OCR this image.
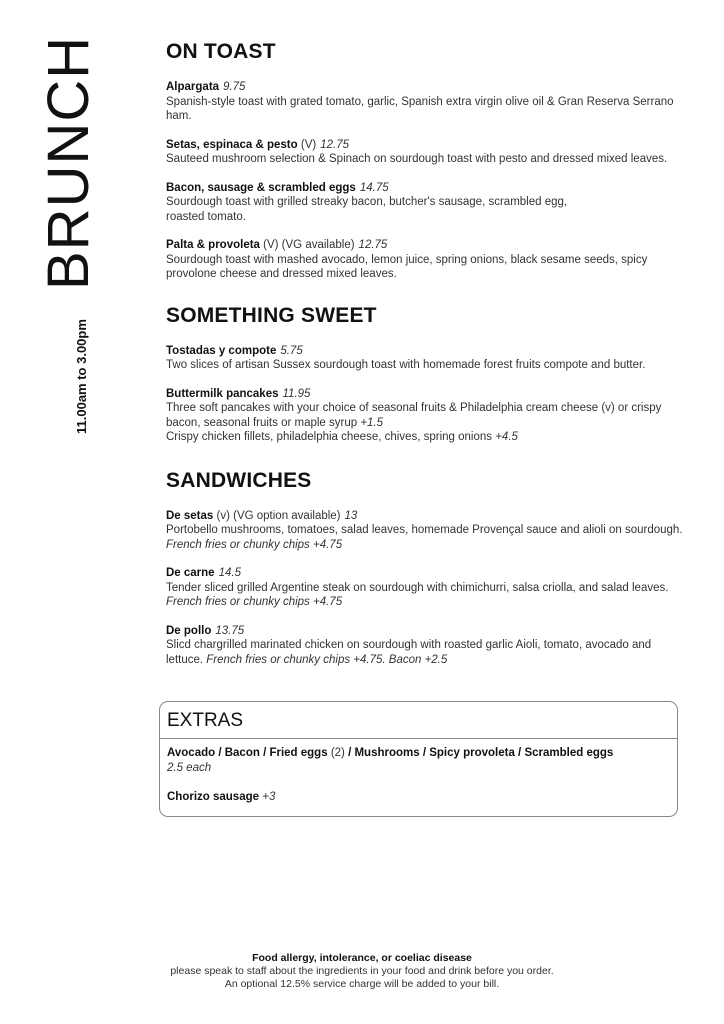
BRUNCH
11.00am to 3.00pm
ON TOAST
Alpargata 9.75
Spanish-style toast with grated tomato, garlic, Spanish extra virgin olive oil & Gran Reserva Serrano ham.
Setas, espinaca & pesto (V) 12.75
Sauteed mushroom selection & Spinach on sourdough toast with pesto and dressed mixed leaves.
Bacon, sausage & scrambled eggs 14.75
Sourdough toast with grilled streaky bacon, butcher's sausage, scrambled egg, roasted tomato.
Palta & provoleta (V) (VG available) 12.75
Sourdough toast with mashed avocado, lemon juice, spring onions, black sesame seeds, spicy provolone cheese and dressed mixed leaves.
SOMETHING SWEET
Tostadas y compote 5.75
Two slices of artisan Sussex sourdough toast with homemade forest fruits compote and butter.
Buttermilk pancakes 11.95
Three soft pancakes with your choice of seasonal fruits & Philadelphia cream cheese (v) or crispy bacon, seasonal fruits or maple syrup +1.5
Crispy chicken fillets, philadelphia cheese, chives, spring onions +4.5
SANDWICHES
De setas (v) (VG option available) 13
Portobello mushrooms, tomatoes, salad leaves, homemade Provençal sauce and alioli on sourdough. French fries or chunky chips +4.75
De carne 14.5
Tender sliced grilled Argentine steak on sourdough with chimichurri, salsa criolla, and salad leaves. French fries or chunky chips +4.75
De pollo 13.75
Slicd chargrilled marinated chicken on sourdough with roasted garlic Aioli, tomato, avocado and lettuce. French fries or chunky chips +4.75. Bacon +2.5
EXTRAS
Avocado / Bacon / Fried eggs (2) / Mushrooms / Spicy provoleta / Scrambled eggs
2.5 each
Chorizo sausage +3
Food allergy, intolerance, or coeliac disease
please speak to staff about the ingredients in your food and drink before you order.
An optional 12.5% service charge will be added to your bill.
